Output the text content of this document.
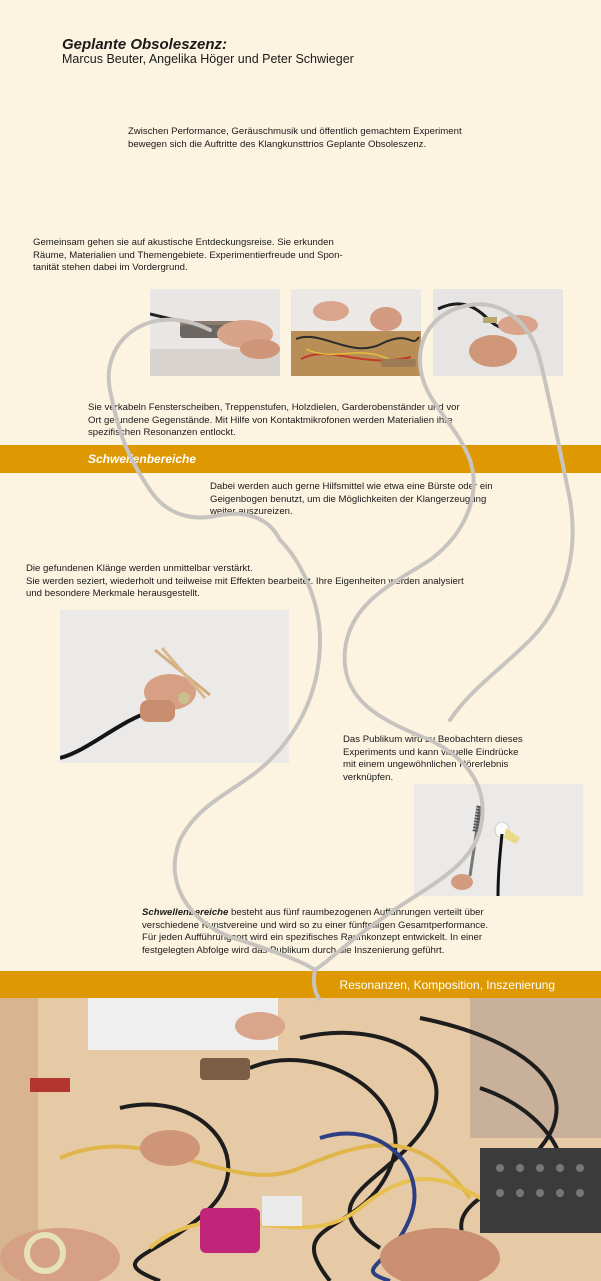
Geplante Obsoleszenz:
Marcus Beuter, Angelika Höger und Peter Schwieger
Zwischen Performance, Geräuschmusik und öffentlich gemachtem Experiment
bewegen sich die Auftritte des Klangkunsttrios Geplante Obsoleszenz.
Gemeinsam gehen sie auf akustische Entdeckungsreise. Sie erkunden
Räume, Materialien und Themengebiete. Experimentierfreude und Spon-
tanität stehen dabei im Vordergrund.
Sie verkabeln Fensterscheiben, Treppenstufen, Holzdielen, Garderobenständer und vor
Ort gefundene Gegenstände. Mit Hilfe von Kontaktmikrofonen werden Materialien ihre
spezifischen Resonanzen entlockt.
Schwellenbereiche
Dabei werden auch gerne Hilfsmittel wie etwa eine Bürste oder ein
Geigenbogen benutzt, um die Möglichkeiten der Klangerzeugung
weiter auszureizen.
Die gefundenen Klänge werden unmittelbar verstärkt.
Sie werden seziert, wiederholt und teilweise mit Effekten bearbeitet. Ihre Eigenheiten werden analysiert
und besondere Merkmale herausgestellt.
Das Publikum wird zu Beobachtern dieses
Experiments und kann visuelle Eindrücke
mit einem ungewöhnlichen Hörerlebnis
verknüpfen.
Schwellenbereiche besteht aus fünf raumbezogenen Aufführungen verteilt über
verschiedene Kunstvereine und wird so zu einer fünfteiligen Gesamtperformance.
Für jeden Aufführungsort wird ein spezifisches Raumkonzept entwickelt. In einer
festgelegten Abfolge wird das Publikum durch die Inszenierung geführt.
Resonanzen, Komposition, Inszenierung
